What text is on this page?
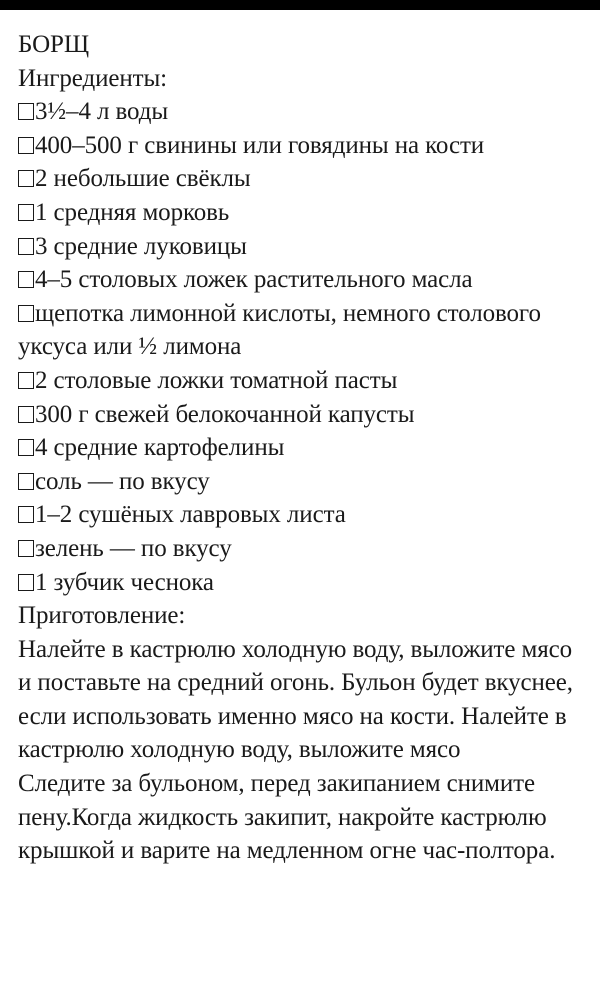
БОРЩ
Ингредиенты:
3½–4 л воды
400–500 г свинины или говядины на кости
2 небольшие свёклы
1 средняя морковь
3 средние луковицы
4–5 столовых ложек растительного масла
щепотка лимонной кислоты, немного столового уксуса или ½ лимона
2 столовые ложки томатной пасты
300 г свежей белокочанной капусты
4 средние картофелины
соль — по вкусу
1–2 сушёных лавровых листа
зелень — по вкусу
1 зубчик чеснока
Приготовление:
Налейте в кастрюлю холодную воду, выложите мясо и поставьте на средний огонь. Бульон будет вкуснее, если использовать именно мясо на кости. Налейте в кастрюлю холодную воду, выложите мясо
Следите за бульоном, перед закипанием снимите пену.Когда жидкость закипит, накройте кастрюлю крышкой и варите на медленном огне час-полтора.
